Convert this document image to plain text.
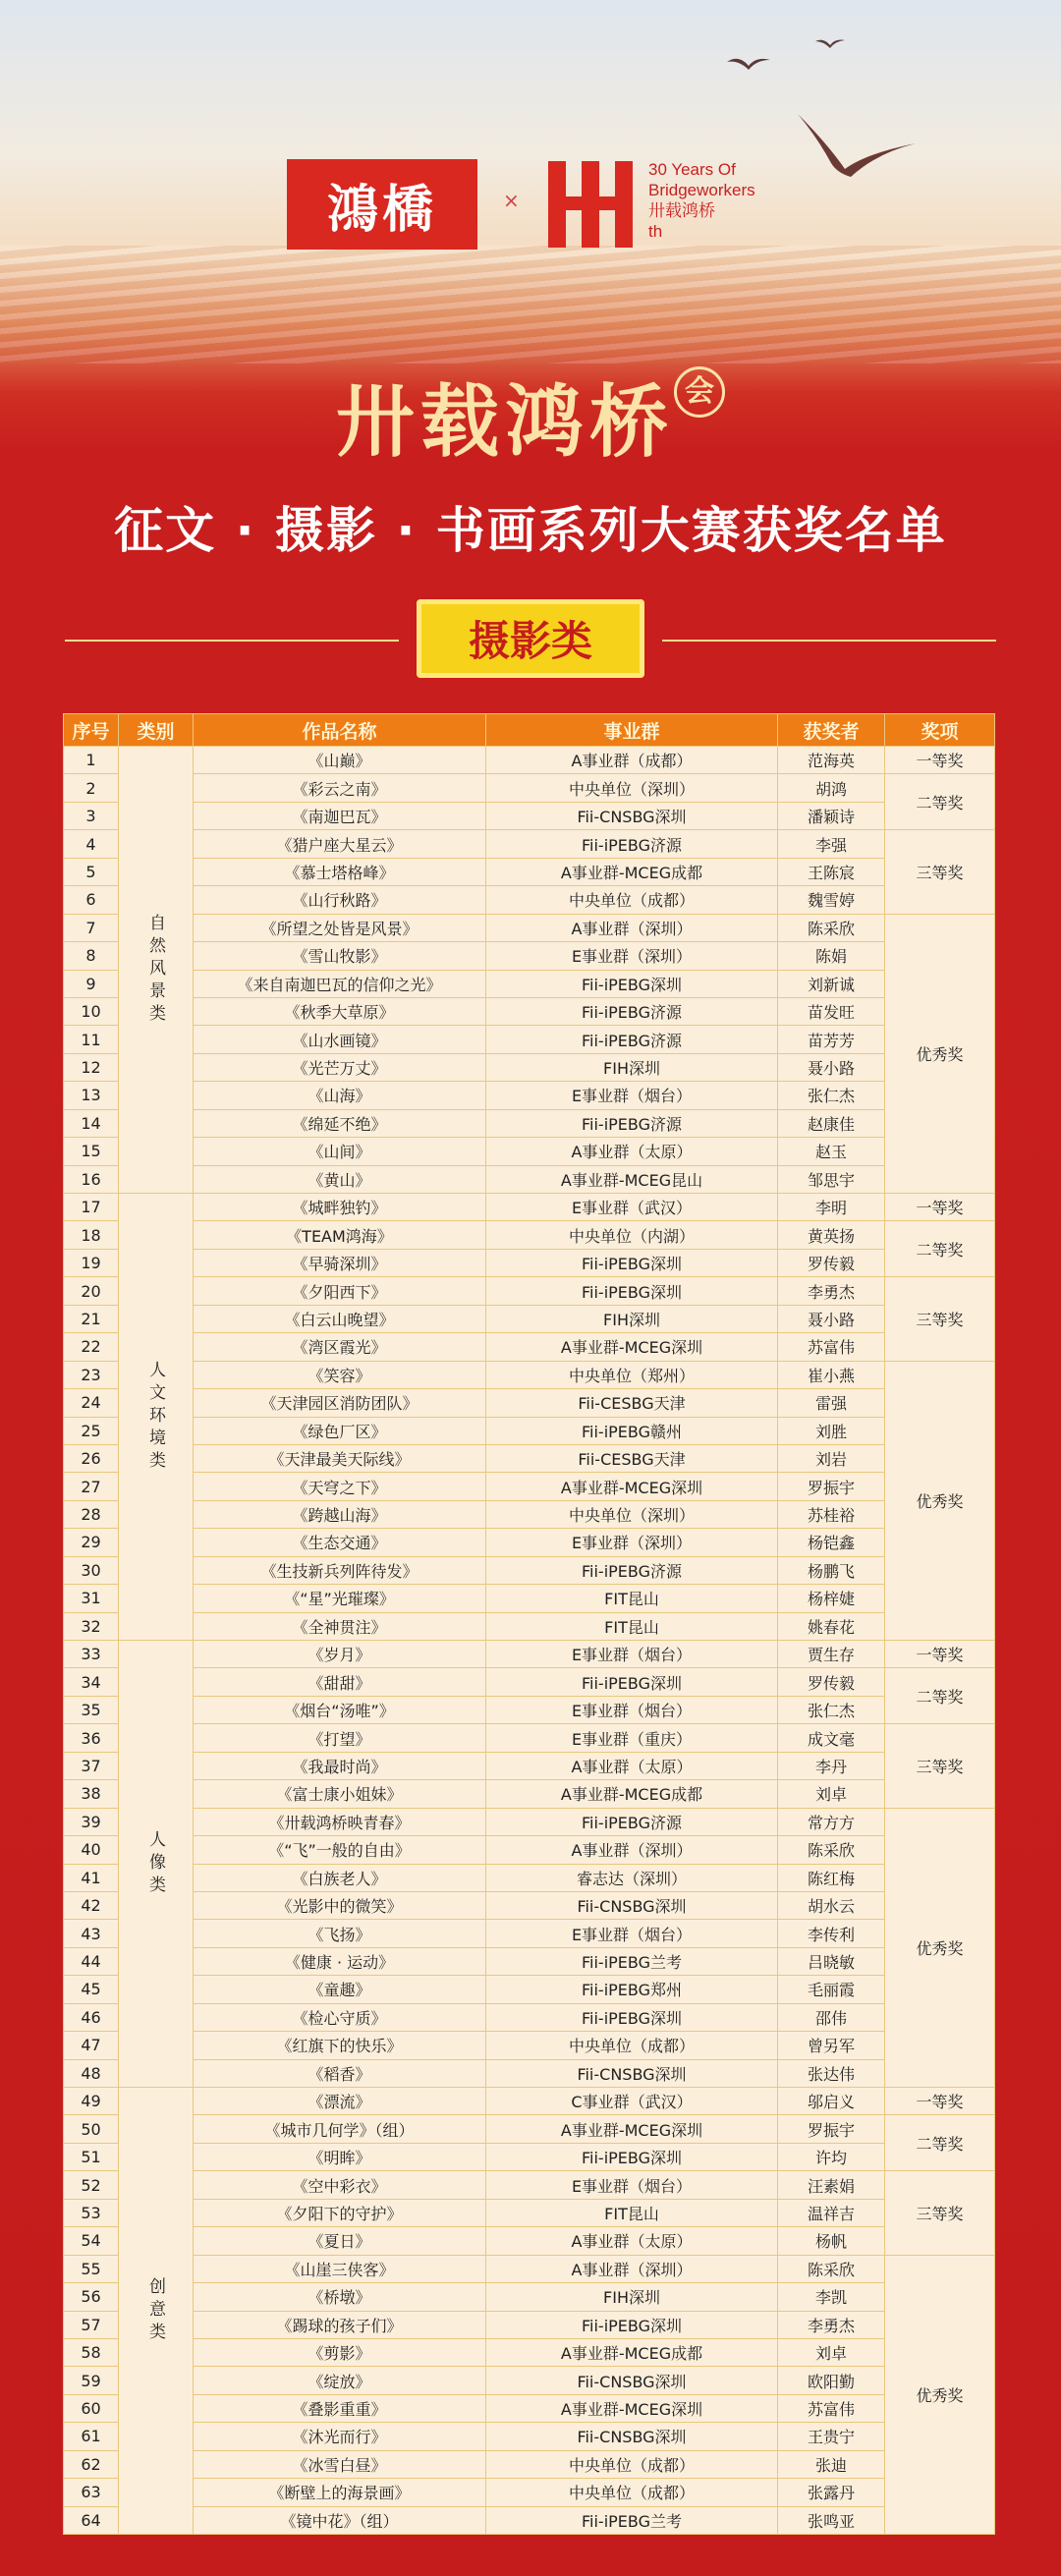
鴻橋	×
30 Years Of
Bridgeworkers
卅载鸿桥
th
卅载鸿桥 会
征文 · 摄影 · 书画系列大赛获奖名单
摄影类
序号	类别	作品名称	事业群	获奖者	奖项
1	自然风景类	《山巅》	A事业群（成都）	范海英	一等奖
2		《彩云之南》	中央单位（深圳）	胡鸿	二等奖
3		《南迦巴瓦》	Fii-CNSBG深圳	潘颖诗	
4		《猎户座大星云》	Fii-iPEBG济源	李强	三等奖
5		《慕士塔格峰》	A事业群-MCEG成都	王陈宸	
6		《山行秋路》	中央单位（成都）	魏雪婷	
7		《所望之处皆是风景》	A事业群（深圳）	陈采欣	优秀奖
8		《雪山牧影》	E事业群（深圳）	陈娟	
9		《来自南迦巴瓦的信仰之光》	Fii-iPEBG深圳	刘新诚	
10		《秋季大草原》	Fii-iPEBG济源	苗发旺	
11		《山水画镜》	Fii-iPEBG济源	苗芳芳	
12		《光芒万丈》	FIH深圳	聂小路	
13		《山海》	E事业群（烟台）	张仁杰	
14		《绵延不绝》	Fii-iPEBG济源	赵康佳	
15		《山间》	A事业群（太原）	赵玉	
16		《黄山》	A事业群-MCEG昆山	邹思宇	
17	人文环境类	《城畔独钓》	E事业群（武汉）	李明	一等奖
18		《TEAM鸿海》	中央单位（内湖）	黄英扬	二等奖
19		《早骑深圳》	Fii-iPEBG深圳	罗传毅	
20		《夕阳西下》	Fii-iPEBG深圳	李勇杰	三等奖
21		《白云山晚望》	FIH深圳	聂小路	
22		《湾区霞光》	A事业群-MCEG深圳	苏富伟	
23		《笑容》	中央单位（郑州）	崔小燕	优秀奖
24		《天津园区消防团队》	Fii-CESBG天津	雷强	
25		《绿色厂区》	Fii-iPEBG赣州	刘胜	
26		《天津最美天际线》	Fii-CESBG天津	刘岩	
27		《天穹之下》	A事业群-MCEG深圳	罗振宇	
28		《跨越山海》	中央单位（深圳）	苏桂裕	
29		《生态交通》	E事业群（深圳）	杨铠鑫	
30		《生技新兵列阵待发》	Fii-iPEBG济源	杨鹏飞	
31		《“星”光璀璨》	FIT昆山	杨梓婕	
32		《全神贯注》	FIT昆山	姚春花	
33	人像类	《岁月》	E事业群（烟台）	贾生存	一等奖
34		《甜甜》	Fii-iPEBG深圳	罗传毅	二等奖
35		《烟台“汤唯”》	E事业群（烟台）	张仁杰	
36		《打望》	E事业群（重庆）	成文毫	三等奖
37		《我最时尚》	A事业群（太原）	李丹	
38		《富士康小姐妹》	A事业群-MCEG成都	刘卓	
39		《卅载鸿桥映青春》	Fii-iPEBG济源	常方方	优秀奖
40		《“飞”一般的自由》	A事业群（深圳）	陈采欣	
41		《白族老人》	睿志达（深圳）	陈红梅	
42		《光影中的微笑》	Fii-CNSBG深圳	胡水云	
43		《飞扬》	E事业群（烟台）	李传利	
44		《健康 · 运动》	Fii-iPEBG兰考	吕晓敏	
45		《童趣》	Fii-iPEBG郑州	毛丽霞	
46		《检心守质》	Fii-iPEBG深圳	邵伟	
47		《红旗下的快乐》	中央单位（成都）	曾另军	
48		《稻香》	Fii-CNSBG深圳	张达伟	
49	创意类	《漂流》	C事业群（武汉）	邬启义	一等奖
50		《城市几何学》（组）	A事业群-MCEG深圳	罗振宇	二等奖
51		《明眸》	Fii-iPEBG深圳	许均	
52		《空中彩衣》	E事业群（烟台）	汪素娟	三等奖
53		《夕阳下的守护》	FIT昆山	温祥吉	
54		《夏日》	A事业群（太原）	杨帆	
55		《山崖三侠客》	A事业群（深圳）	陈采欣	优秀奖
56		《桥墩》	FIH深圳	李凯	
57		《踢球的孩子们》	Fii-iPEBG深圳	李勇杰	
58		《剪影》	A事业群-MCEG成都	刘卓	
59		《绽放》	Fii-CNSBG深圳	欧阳勤	
60		《叠影重重》	A事业群-MCEG深圳	苏富伟	
61		《沐光而行》	Fii-CNSBG深圳	王贵宁	
62		《冰雪白昼》	中央单位（成都）	张迪	
63		《断壁上的海景画》	中央单位（成都）	张露丹	
64		《镜中花》（组）	Fii-iPEBG兰考	张鸣亚	
